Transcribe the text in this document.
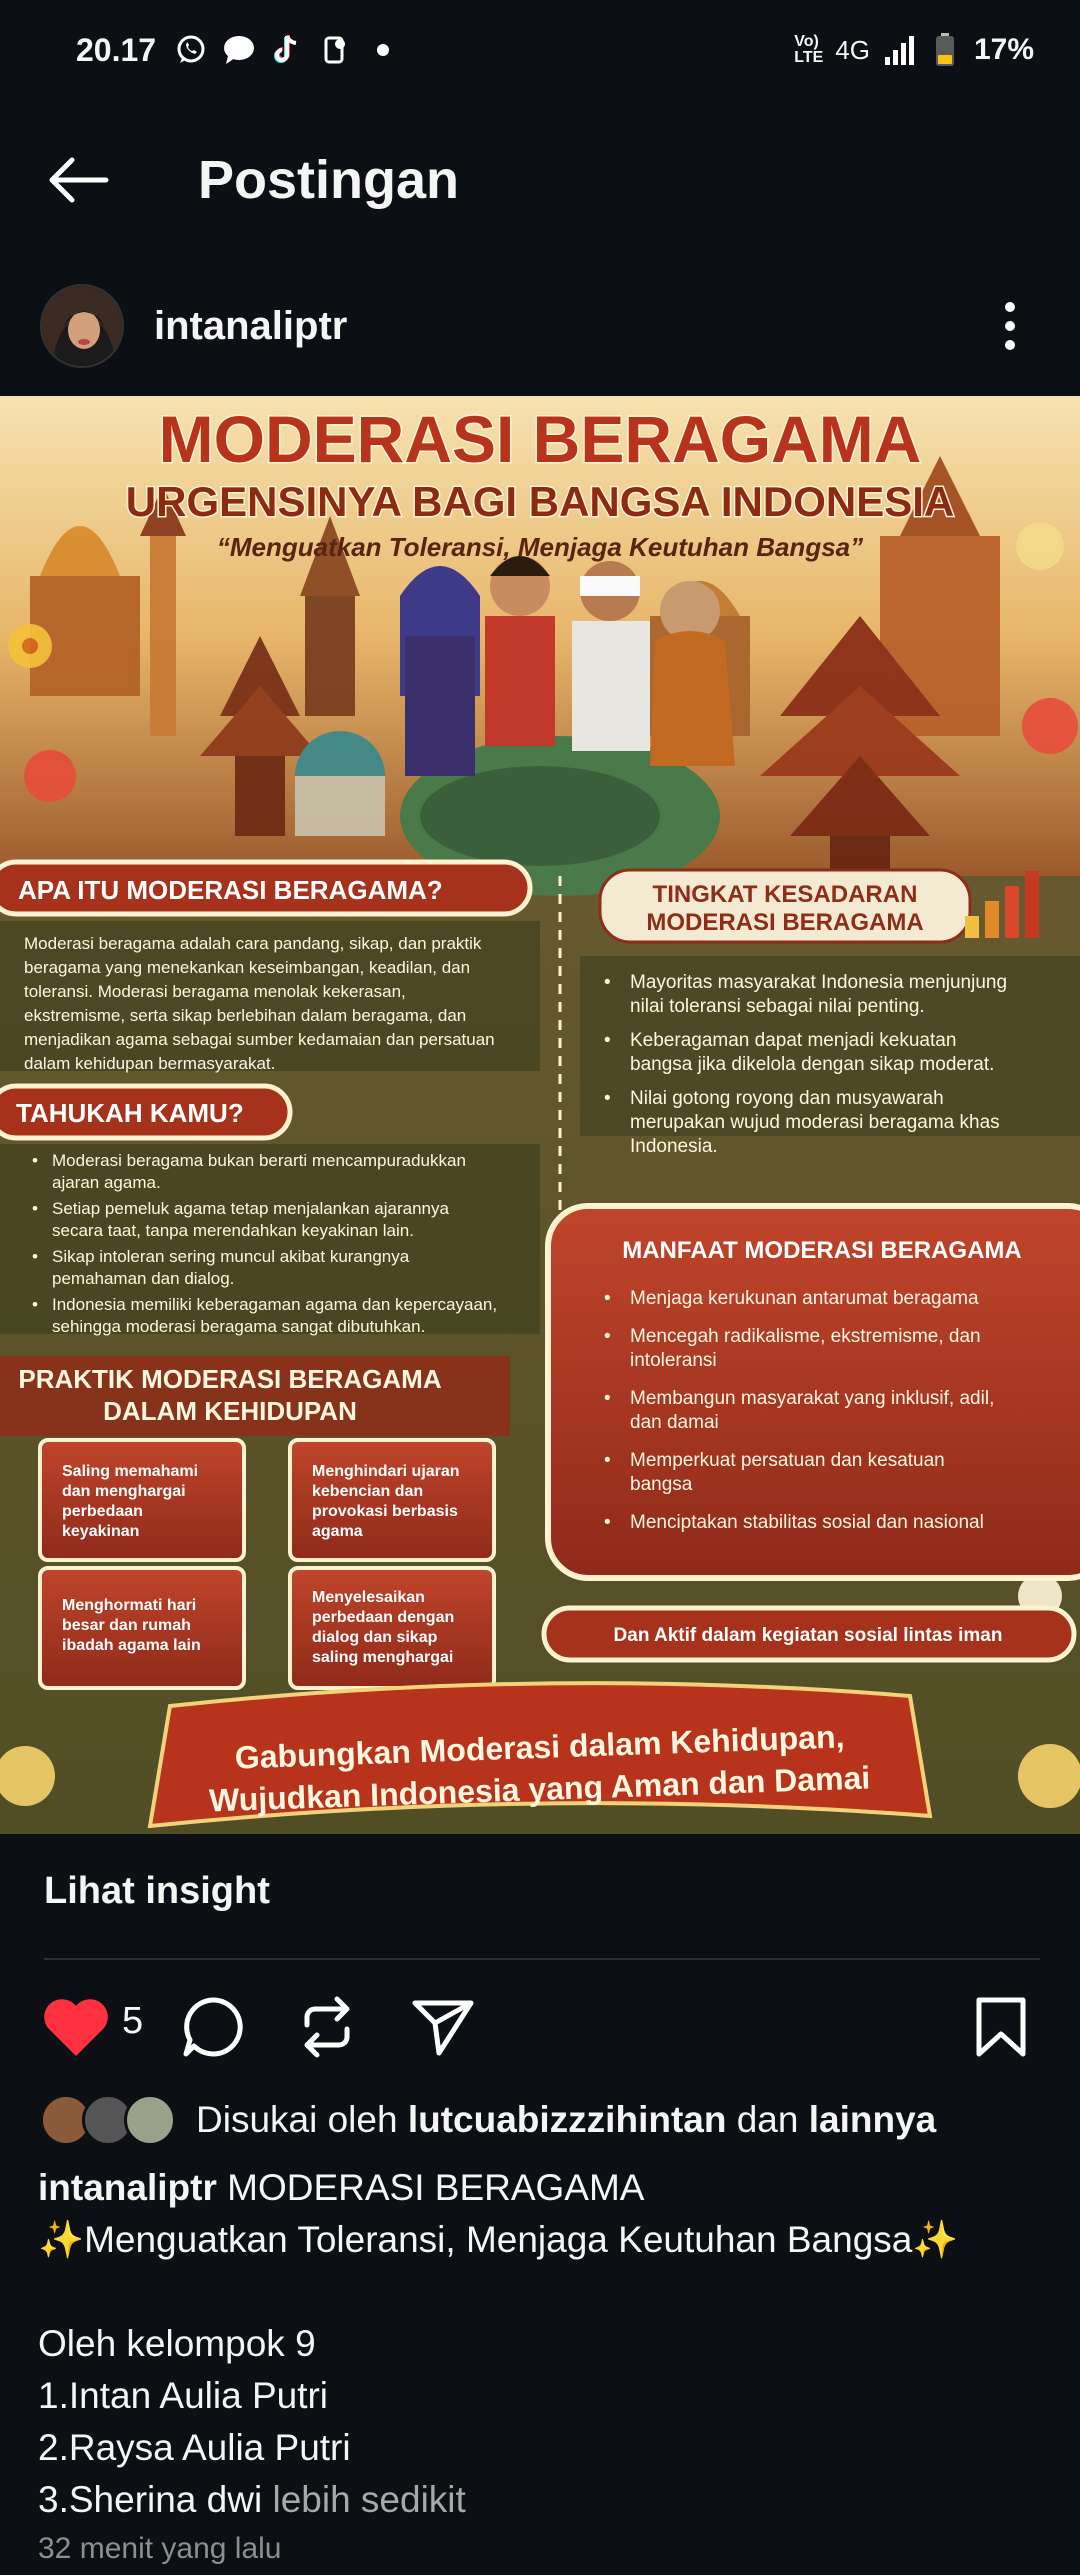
20.17	Vo)
LTE 4G	17%
Postingan
intanaliptr
MODERASI BERAGAMA
URGENSINYA BAGI BANGSA INDONESIA
“Menguatkan Toleransi, Menjaga Keutuhan Bangsa”
APA ITU MODERASI BERAGAMA?
Moderasi beragama adalah cara pandang, sikap, dan praktik
beragama yang menekankan keseimbangan, keadilan, dan
toleransi. Moderasi beragama menolak kekerasan,
ekstremisme, serta sikap berlebihan dalam beragama, dan
menjadikan agama sebagai sumber kedamaian dan persatuan
dalam kehidupan bermasyarakat.
TAHUKAH KAMU?
• Moderasi beragama bukan berarti mencampuradukkan
ajaran agama.
• Setiap pemeluk agama tetap menjalankan ajarannya
secara taat, tanpa merendahkan keyakinan lain.
• Sikap intoleran sering muncul akibat kurangnya
pemahaman dan dialog.
• Indonesia memiliki keberagaman agama dan kepercayaan,
sehingga moderasi beragama sangat dibutuhkan.
PRAKTIK MODERASI BERAGAMA
DALAM KEHIDUPAN
Saling memahami
dan menghargai
perbedaan
keyakinan
Menghindari ujaran
kebencian dan
provokasi berbasis
agama
Menghormati hari
besar dan rumah
ibadah agama lain
Menyelesaikan
perbedaan dengan
dialog dan sikap
saling menghargai
TINGKAT KESADARAN
MODERASI BERAGAMA
• Mayoritas masyarakat Indonesia menjunjung
nilai toleransi sebagai nilai penting.
• Keberagaman dapat menjadi kekuatan
bangsa jika dikelola dengan sikap moderat.
• Nilai gotong royong dan musyawarah
merupakan wujud moderasi beragama khas
Indonesia.
MANFAAT MODERASI BERAGAMA
• Menjaga kerukunan antarumat beragama
• Mencegah radikalisme, ekstremisme, dan
intoleransi
• Membangun masyarakat yang inklusif, adil,
dan damai
• Memperkuat persatuan dan kesatuan
bangsa
• Menciptakan stabilitas sosial dan nasional
Dan Aktif dalam kegiatan sosial lintas iman
Gabungkan Moderasi dalam Kehidupan,
Wujudkan Indonesia yang Aman dan Damai
Lihat insight
5
Disukai oleh lutcuabizzzihintan dan lainnya
intanaliptr MODERASI BERAGAMA
✨Menguatkan Toleransi, Menjaga Keutuhan Bangsa✨
Oleh kelompok 9
1.Intan Aulia Putri
2.Raysa Aulia Putri
3.Sherina dwi lebih sedikit
32 menit yang lalu
